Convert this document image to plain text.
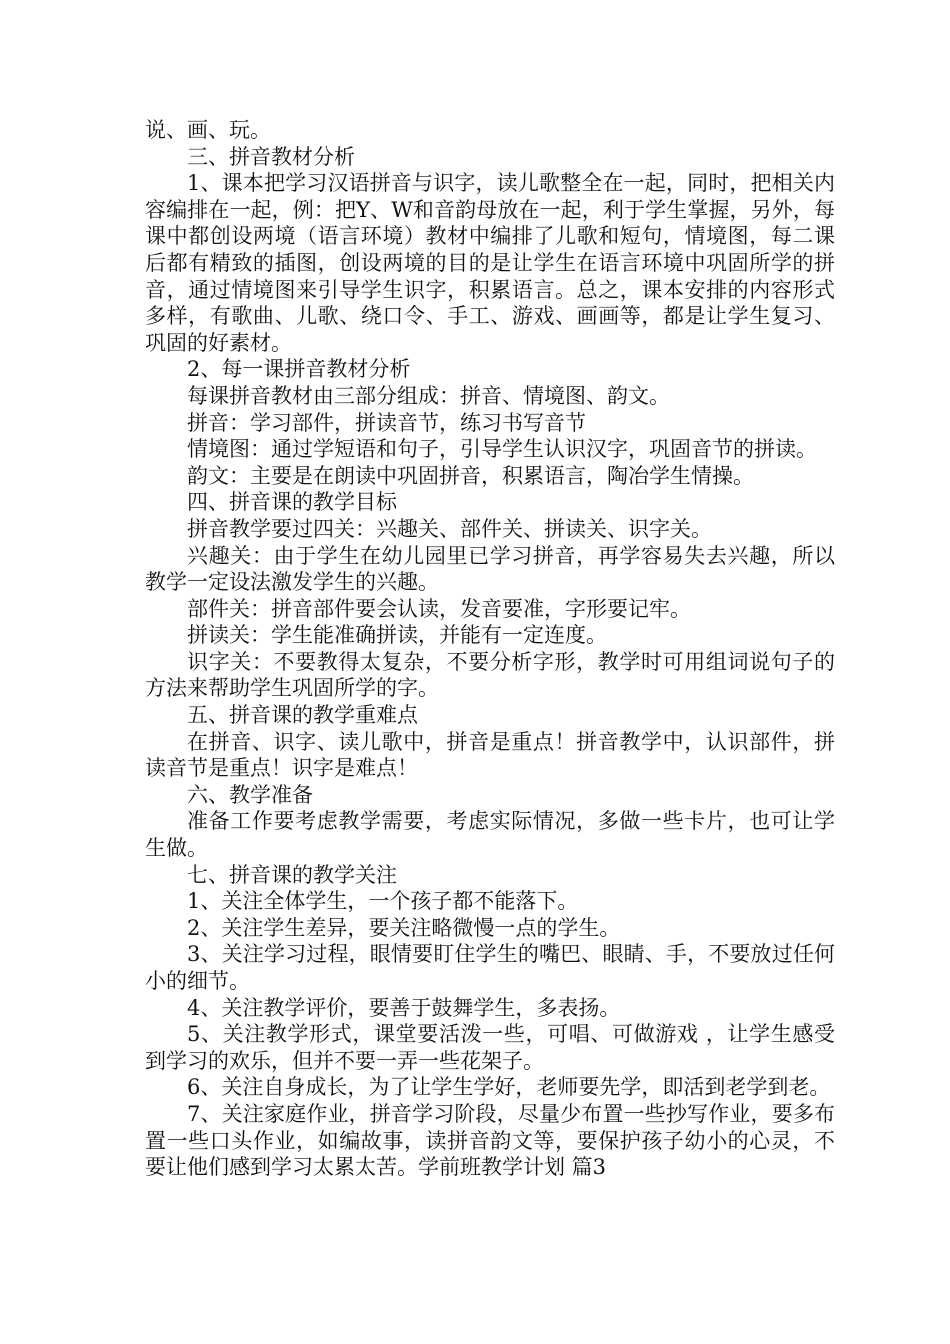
说、画、玩。

三、拼音教材分析

1、课本把学习汉语拼音与识字，读儿歌整全在一起，同时，把相关内容编排在一起，例：把Y、W和音韵母放在一起，利于学生掌握，另外，每课中都创设两境（语言环境）教材中编排了儿歌和短句，情境图，每二课后都有精致的插图，创设两境的目的是让学生在语言环境中巩固所学的拼音，通过情境图来引导学生识字，积累语言。总之，课本安排的内容形式多样，有歌曲、儿歌、绕口令、手工、游戏、画画等，都是让学生复习、巩固的好素材。

2、每一课拼音教材分析

每课拼音教材由三部分组成：拼音、情境图、韵文。

拼音：学习部件，拼读音节，练习书写音节

情境图：通过学短语和句子，引导学生认识汉字，巩固音节的拼读。

韵文：主要是在朗读中巩固拼音，积累语言，陶冶学生情操。

四、拼音课的教学目标

拼音教学要过四关：兴趣关、部件关、拼读关、识字关。

兴趣关：由于学生在幼儿园里已学习拼音，再学容易失去兴趣，所以教学一定设法激发学生的兴趣。

部件关：拼音部件要会认读，发音要准，字形要记牢。

拼读关：学生能准确拼读，并能有一定连度。

识字关：不要教得太复杂，不要分析字形，教学时可用组词说句子的方法来帮助学生巩固所学的字。

五、拼音课的教学重难点

在拼音、识字、读儿歌中，拼音是重点！拼音教学中，认识部件，拼读音节是重点！识字是难点！

六、教学准备

准备工作要考虑教学需要，考虑实际情况，多做一些卡片，也可让学生做。

七、拼音课的教学关注

1、关注全体学生，一个孩子都不能落下。

2、关注学生差异，要关注略微慢一点的学生。

3、关注学习过程，眼情要盯住学生的嘴巴、眼睛、手，不要放过任何小的细节。

4、关注教学评价，要善于鼓舞学生，多表扬。

5、关注教学形式，课堂要活泼一些，可唱、可做游戏 ，让学生感受到学习的欢乐，但并不要一弄一些花架子。

6、关注自身成长，为了让学生学好，老师要先学，即活到老学到老。

7、关注家庭作业，拼音学习阶段，尽量少布置一些抄写作业，要多布置一些口头作业，如编故事，读拼音韵文等，要保护孩子幼小的心灵，不要让他们感到学习太累太苦。学前班教学计划 篇3
